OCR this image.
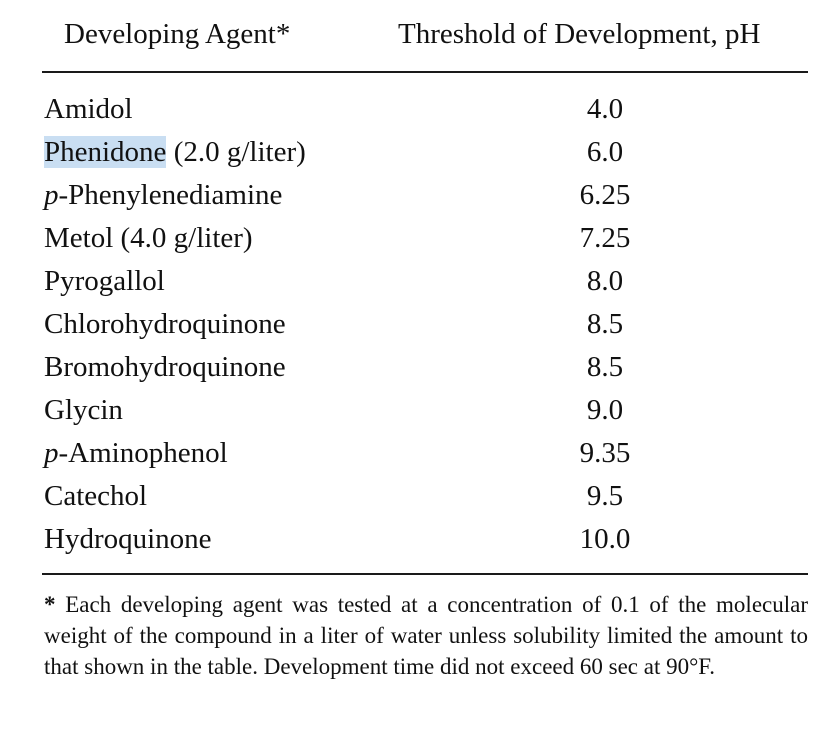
Developing Agent*	Threshold of Development, pH
Amidol	4.0
Phenidone (2.0 g/liter)	6.0
p-Phenylenediamine	6.25
Metol (4.0 g/liter)	7.25
Pyrogallol	8.0
Chlorohydroquinone	8.5
Bromohydroquinone	8.5
Glycin	9.0
p-Aminophenol	9.35
Catechol	9.5
Hydroquinone	10.0
* Each developing agent was tested at a concentration of 0.1 of the molecular weight of the compound in a liter of water unless solubility limited the amount to that shown in the table. Development time did not exceed 60 sec at 90°F.
